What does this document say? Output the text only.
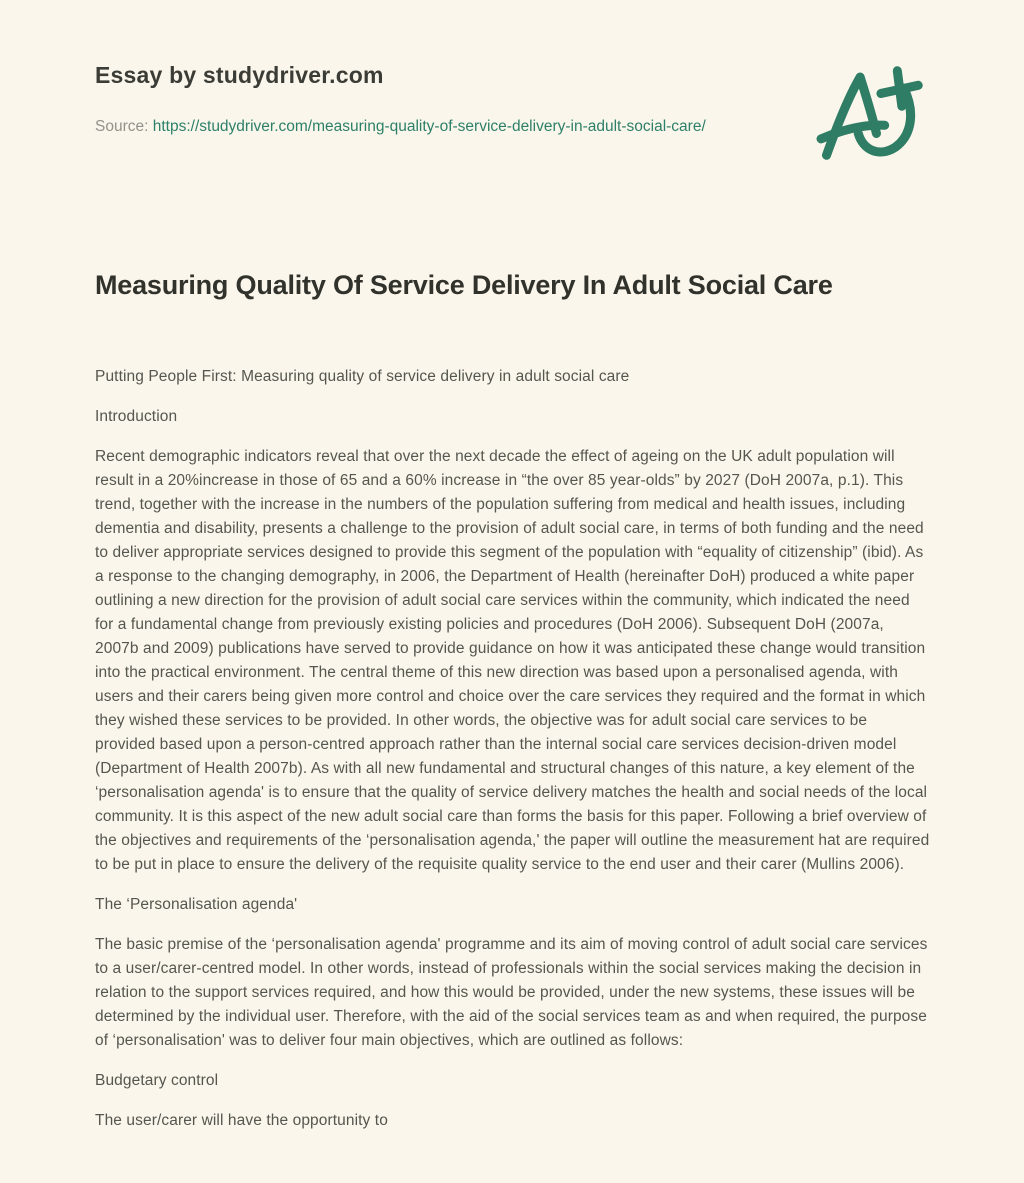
Essay by studydriver.com

Source: https://studydriver.com/measuring-quality-of-service-delivery-in-adult-social-care/

Measuring Quality Of Service Delivery In Adult Social Care

Putting People First: Measuring quality of service delivery in adult social care

Introduction

Recent demographic indicators reveal that over the next decade the effect of ageing on the UK adult population will result in a 20%increase in those of 65 and a 60% increase in “the over 85 year-olds” by 2027 (DoH 2007a, p.1). This trend, together with the increase in the numbers of the population suffering from medical and health issues, including dementia and disability, presents a challenge to the provision of adult social care, in terms of both funding and the need to deliver appropriate services designed to provide this segment of the population with “equality of citizenship” (ibid). As a response to the changing demography, in 2006, the Department of Health (hereinafter DoH) produced a white paper outlining a new direction for the provision of adult social care services within the community, which indicated the need for a fundamental change from previously existing policies and procedures (DoH 2006). Subsequent DoH (2007a, 2007b and 2009) publications have served to provide guidance on how it was anticipated these change would transition into the practical environment. The central theme of this new direction was based upon a personalised agenda, with users and their carers being given more control and choice over the care services they required and the format in which they wished these services to be provided. In other words, the objective was for adult social care services to be provided based upon a person-centred approach rather than the internal social care services decision-driven model (Department of Health 2007b). As with all new fundamental and structural changes of this nature, a key element of the ‘personalisation agenda' is to ensure that the quality of service delivery matches the health and social needs of the local community. It is this aspect of the new adult social care than forms the basis for this paper. Following a brief overview of the objectives and requirements of the ‘personalisation agenda,' the paper will outline the measurement hat are required to be put in place to ensure the delivery of the requisite quality service to the end user and their carer (Mullins 2006).

The ‘Personalisation agenda'

The basic premise of the ‘personalisation agenda' programme and its aim of moving control of adult social care services to a user/carer-centred model. In other words, instead of professionals within the social services making the decision in relation to the support services required, and how this would be provided, under the new systems, these issues will be determined by the individual user. Therefore, with the aid of the social services team as and when required, the purpose of ‘personalisation' was to deliver four main objectives, which are outlined as follows:

Budgetary control

The user/carer will have the opportunity to
